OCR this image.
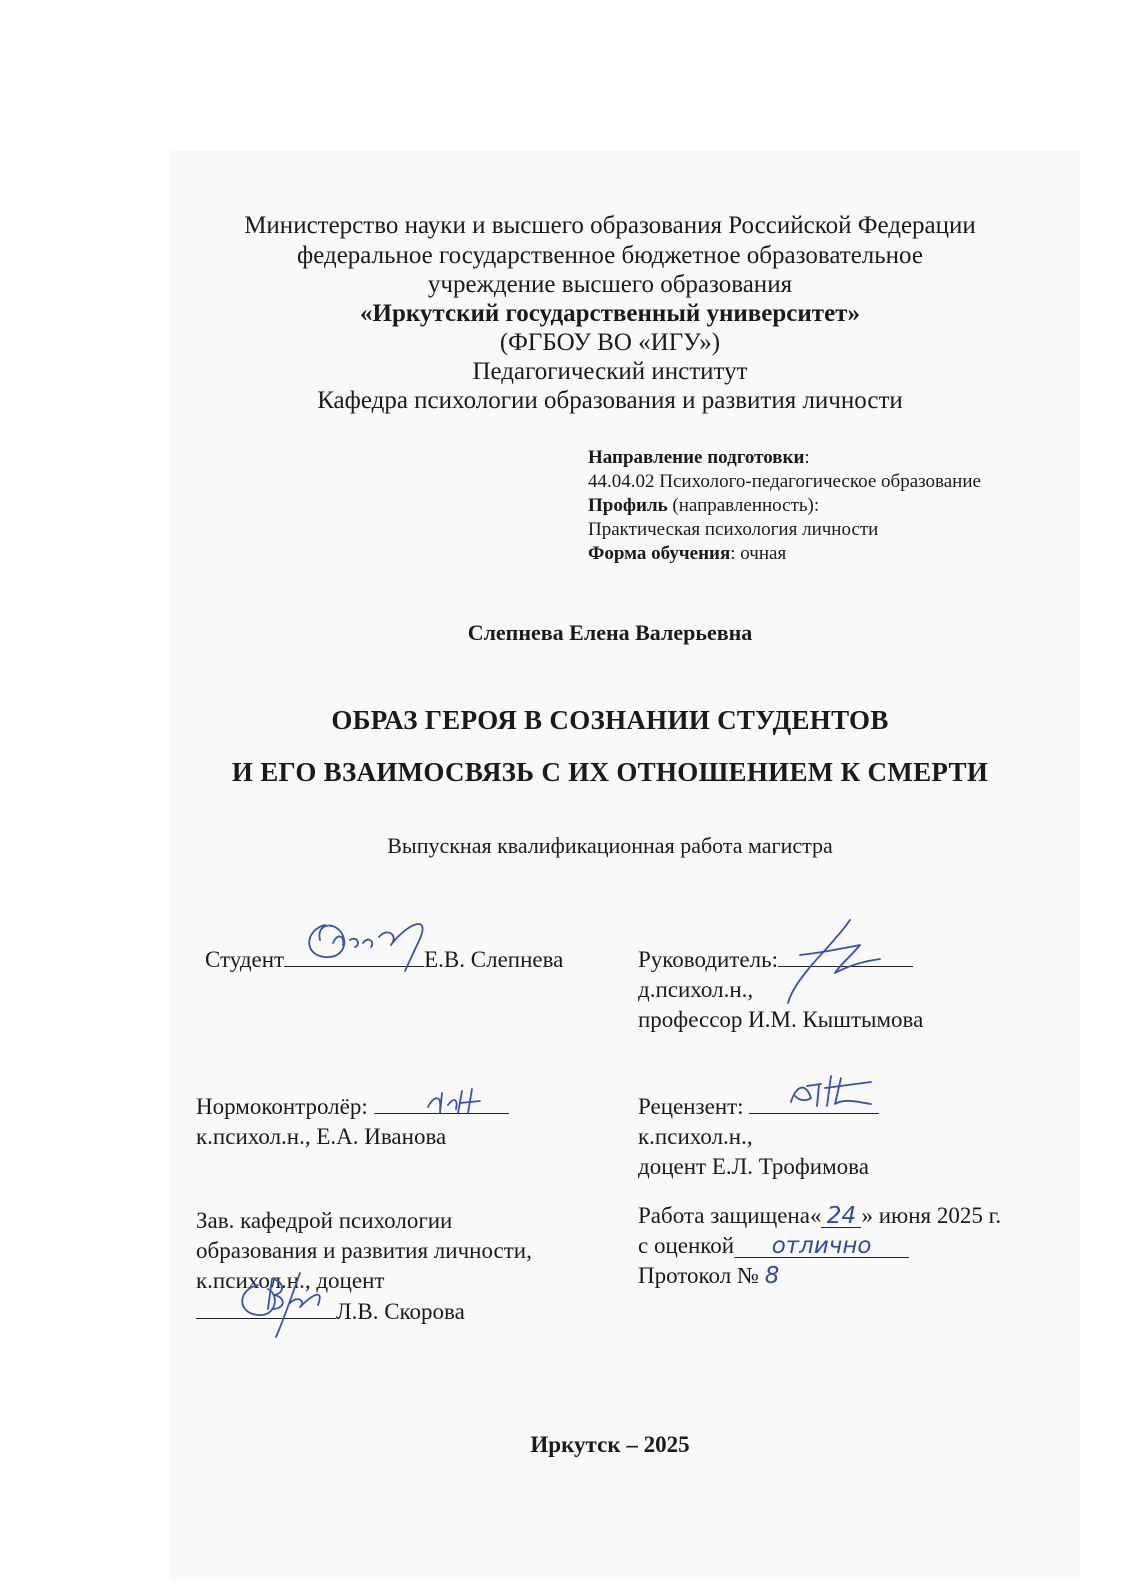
Министерство науки и высшего образования Российской Федерации
федеральное государственное бюджетное образовательное
учреждение высшего образования
«Иркутский государственный университет»
(ФГБОУ ВО «ИГУ»)
Педагогический институт
Кафедра психологии образования и развития личности
Направление подготовки:
44.04.02 Психолого-педагогическое образование
Профиль (направленность):
Практическая психология личности
Форма обучения: очная
Слепнева Елена Валерьевна
ОБРАЗ ГЕРОЯ В СОЗНАНИИ СТУДЕНТОВ
И ЕГО ВЗАИМОСВЯЗЬ С ИХ ОТНОШЕНИЕМ К СМЕРТИ
Выпускная квалификационная работа магистра
Студент	Е.В. Слепнева	Руководитель:
д.психол.н.,
профессор И.М. Кыштымова
Нормоконтролёр:
к.психол.н., Е.А. Иванова
Рецензент:
к.психол.н.,
доцент Е.Л. Трофимова
Зав. кафедрой психологии
образования и развития личности,
к.психол.н., доцент
Л.В. Скорова
Работа защищена« 24 » июня 2025 г.
с оценкой отлично
Протокол № 8
Иркутск – 2025
